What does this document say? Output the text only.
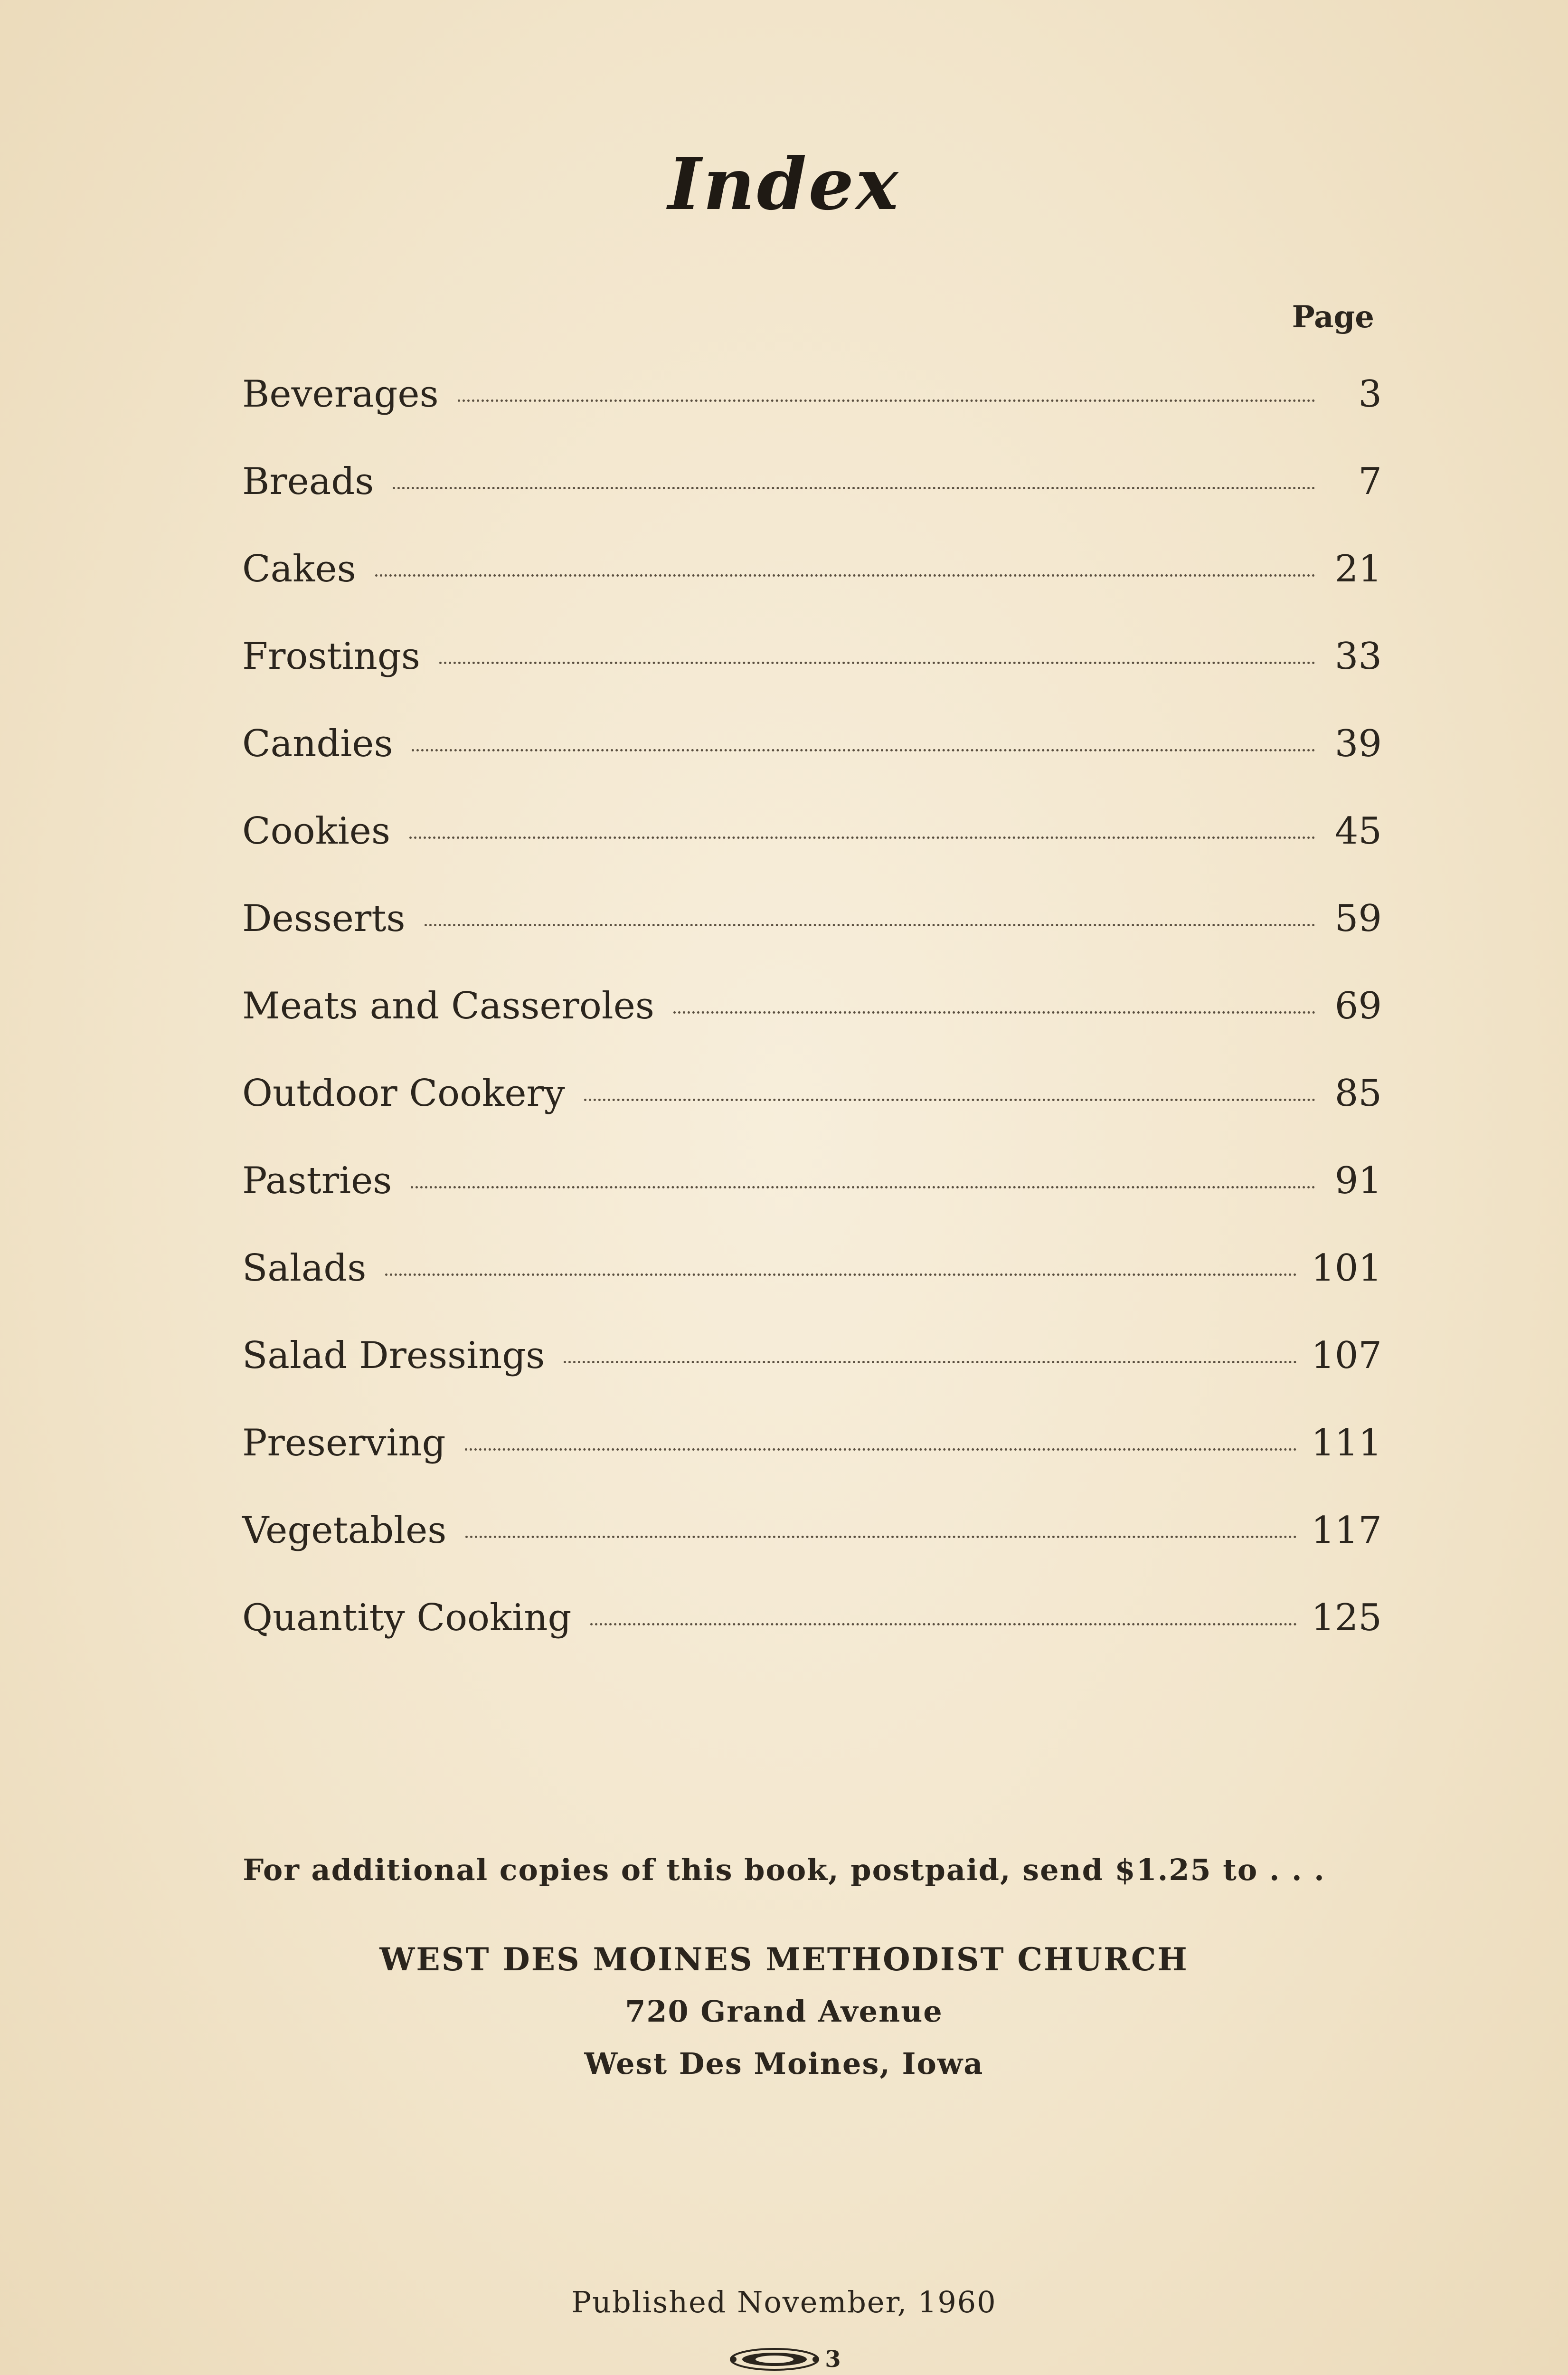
Index
Page
Beverages	3
Breads	7
Cakes	21
Frostings	33
Candies	39
Cookies	45
Desserts	59
Meats and Casseroles	69
Outdoor Cookery	85
Pastries	91
Salads	101
Salad Dressings	107
Preserving	111
Vegetables	117
Quantity Cooking	125
For additional copies of this book, postpaid, send $1.25 to . . .
WEST DES MOINES METHODIST CHURCH
720 Grand Avenue
West Des Moines, Iowa
Published November, 1960
3
